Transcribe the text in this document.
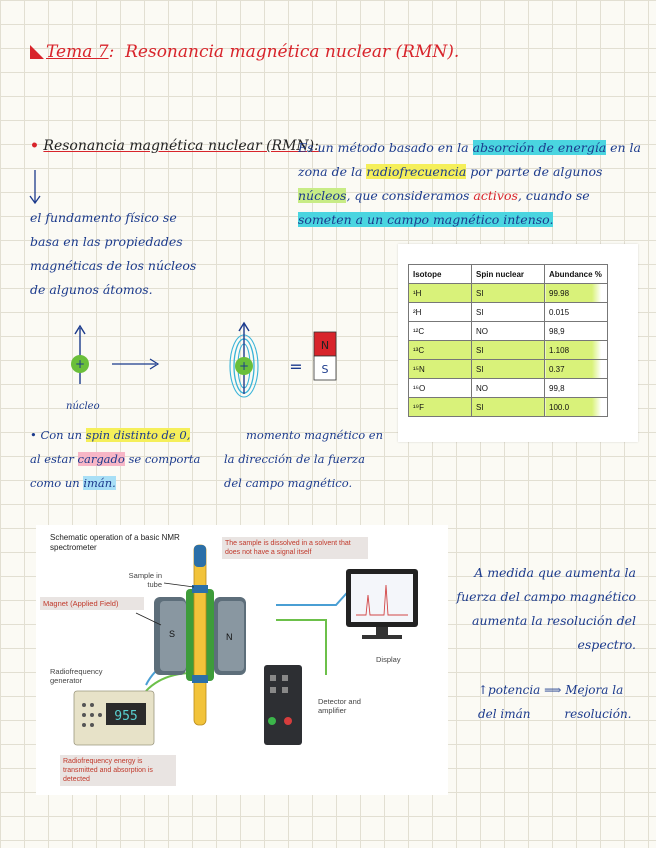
Tema 7:  Resonancia magnética nuclear (RMN).
• Resonancia magnética nuclear (RMN):
Es un método basado en la absorción de energía en la zona de la radiofrecuencia por parte de algunos núcleos, que consideramos activos, cuando se someten a un campo magnético intenso.
el fundamento físico se
basa en las propiedades
magnéticas de los núcleos
de algunos átomos.
Isotope	Spin nuclear	Abundance %
¹H	SI	99.98
²H	SI	0.015
¹²C	NO	98,9
¹³C	SI	1.108
¹⁵N	SI	0.37
¹⁶O	NO	99,8
¹⁹F	SI	100.0
+
núcleo
+	=
N
S
• Con un spin distinto de 0,
al estar cargado se comporta
como un imán.
momento magnético en
la dirección de la fuerza
del campo magnético.
Schematic operation of a basic NMR spectrometer	The sample is dissolved in a solvent that does not have a signal itself
S	N
955
Sample in tube
Magnet (Applied Field)
Radiofrequency generator
Display
Detector and amplifier
Radiofrequency energy is transmitted and absorption is detected
A medida que aumenta la fuerza del campo magnético aumenta la resolución del espectro.
↑potencia ⟹ Mejora la
del imán	resolución.
